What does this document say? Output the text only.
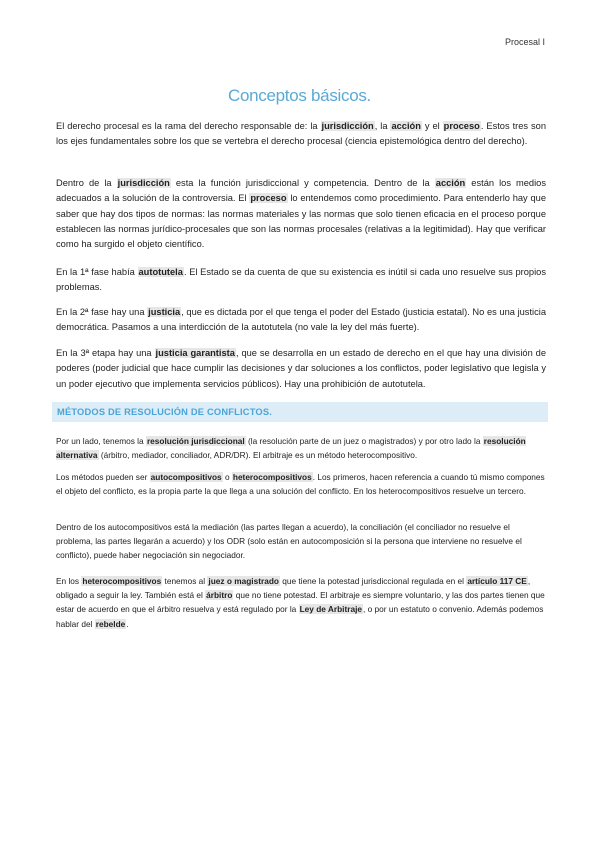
Procesal I
Conceptos básicos.

El derecho procesal es la rama del derecho responsable de: la jurisdicción, la acción y el proceso. Estos tres son los ejes fundamentales sobre los que se vertebra el derecho procesal (ciencia epistemológica dentro del derecho).

Dentro de la jurisdicción esta la función jurisdiccional y competencia. Dentro de la acción están los medios adecuados a la solución de la controversia. El proceso lo entendemos como procedimiento. Para entenderlo hay que saber que hay dos tipos de normas: las normas materiales y las normas que solo tienen eficacia en el proceso porque establecen las normas jurídico-procesales que son las normas procesales (relativas a la legitimidad). Hay que verificar como ha surgido el objeto científico.

En la 1ª fase había autotutela. El Estado se da cuenta de que su existencia es inútil si cada uno resuelve sus propios problemas.

En la 2ª fase hay una justicia, que es dictada por el que tenga el poder del Estado (justicia estatal). No es una justicia democrática. Pasamos a una interdicción de la autotutela (no vale la ley del más fuerte).

En la 3ª etapa hay una justicia garantista, que se desarrolla en un estado de derecho en el que hay una división de poderes (poder judicial que hace cumplir las decisiones y dar soluciones a los conflictos, poder legislativo que legisla y un poder ejecutivo que implementa servicios públicos). Hay una prohibición de autotutela.

MÉTODOS DE RESOLUCIÓN DE CONFLICTOS.

Por un lado, tenemos la resolución jurisdiccional (la resolución parte de un juez o magistrados) y por otro lado la resolución alternativa (árbitro, mediador, conciliador, ADR/DR). El arbitraje es un método heterocompositivo.

Los métodos pueden ser autocompositivos o heterocompositivos. Los primeros, hacen referencia a cuando tú mismo compones el objeto del conflicto, es la propia parte la que llega a una solución del conflicto. En los heterocompositivos resuelve un tercero.

Dentro de los autocompositivos está la mediación (las partes llegan a acuerdo), la conciliación (el conciliador no resuelve el problema, las partes llegarán a acuerdo) y los ODR (solo están en autocomposición si la persona que interviene no resuelve el conflicto), puede haber negociación sin negociador.

En los heterocompositivos tenemos al juez o magistrado que tiene la potestad jurisdiccional regulada en el artículo 117 CE, obligado a seguir la ley. También está el árbitro que no tiene potestad. El arbitraje es siempre voluntario, y las dos partes tienen que estar de acuerdo en que el árbitro resuelva y está regulado por la Ley de Arbitraje, o por un estatuto o convenio. Además podemos hablar del rebelde.
